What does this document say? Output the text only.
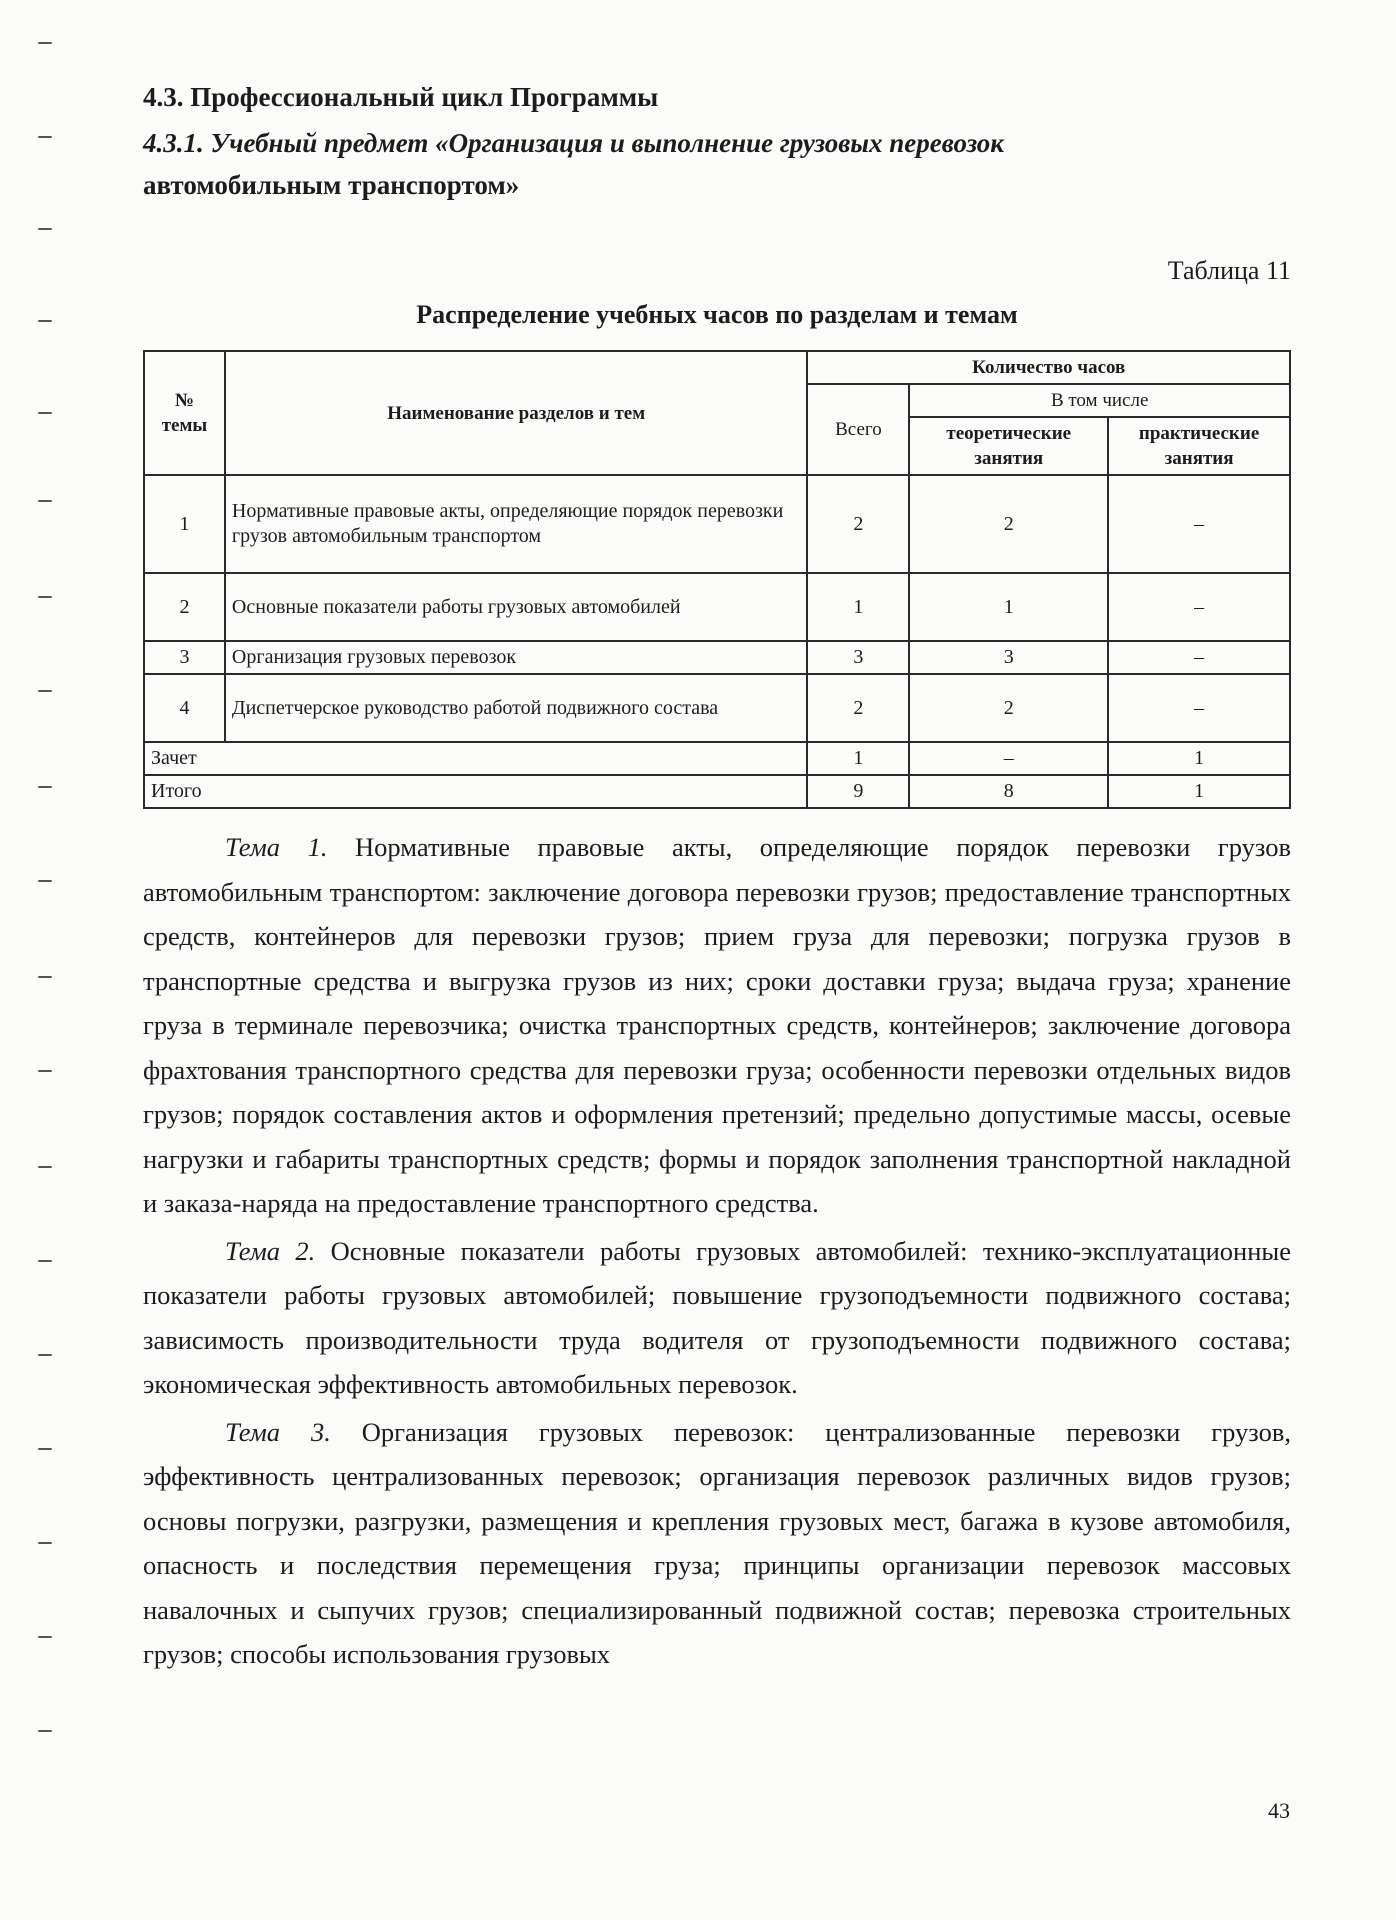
4.3. Профессиональный цикл Программы

4.3.1. Учебный предмет «Организация и выполнение грузовых перевозок
автомобильным транспортом»

Таблица 11
Распределение учебных часов по разделам и темам
№ темы	Наименование разделов и тем	Количество часов		
		Всего	В том числе	
			теоретические занятия	практические занятия
1	Нормативные правовые акты, определяющие порядок перевозки грузов автомобильным транспортом	2	2	–
2	Основные показатели работы грузовых автомобилей	1	1	–
3	Организация грузовых перевозок	3	3	–
4	Диспетчерское руководство работой подвижного состава	2	2	–
Зачет		1	–	1
Итого		9	8	1

Тема 1. Нормативные правовые акты, определяющие порядок перевозки грузов автомобильным транспортом: заключение договора перевозки грузов; предоставление транспортных средств, контейнеров для перевозки грузов; прием груза для перевозки; погрузка грузов в транспортные средства и выгрузка грузов из них; сроки доставки груза; выдача груза; хранение груза в терминале перевозчика; очистка транспортных средств, контейнеров; заключение договора фрахтования транспортного средства для перевозки груза; особенности перевозки отдельных видов грузов; порядок составления актов и оформления претензий; предельно допустимые массы, осевые нагрузки и габариты транспортных средств; формы и порядок заполнения транспортной накладной и заказа-наряда на предоставление транспортного средства.

Тема 2. Основные показатели работы грузовых автомобилей: технико-эксплуатационные показатели работы грузовых автомобилей; повышение грузоподъемности подвижного состава; зависимость производительности труда водителя от грузоподъемности подвижного состава; экономическая эффективность автомобильных перевозок.

Тема 3. Организация грузовых перевозок: централизованные перевозки грузов, эффективность централизованных перевозок; организация перевозок различных видов грузов; основы погрузки, разгрузки, размещения и крепления грузовых мест, багажа в кузове автомобиля, опасность и последствия перемещения груза; принципы организации перевозок массовых навалочных и сыпучих грузов; специализированный подвижной состав; перевозка строительных грузов; способы использования грузовых

43
